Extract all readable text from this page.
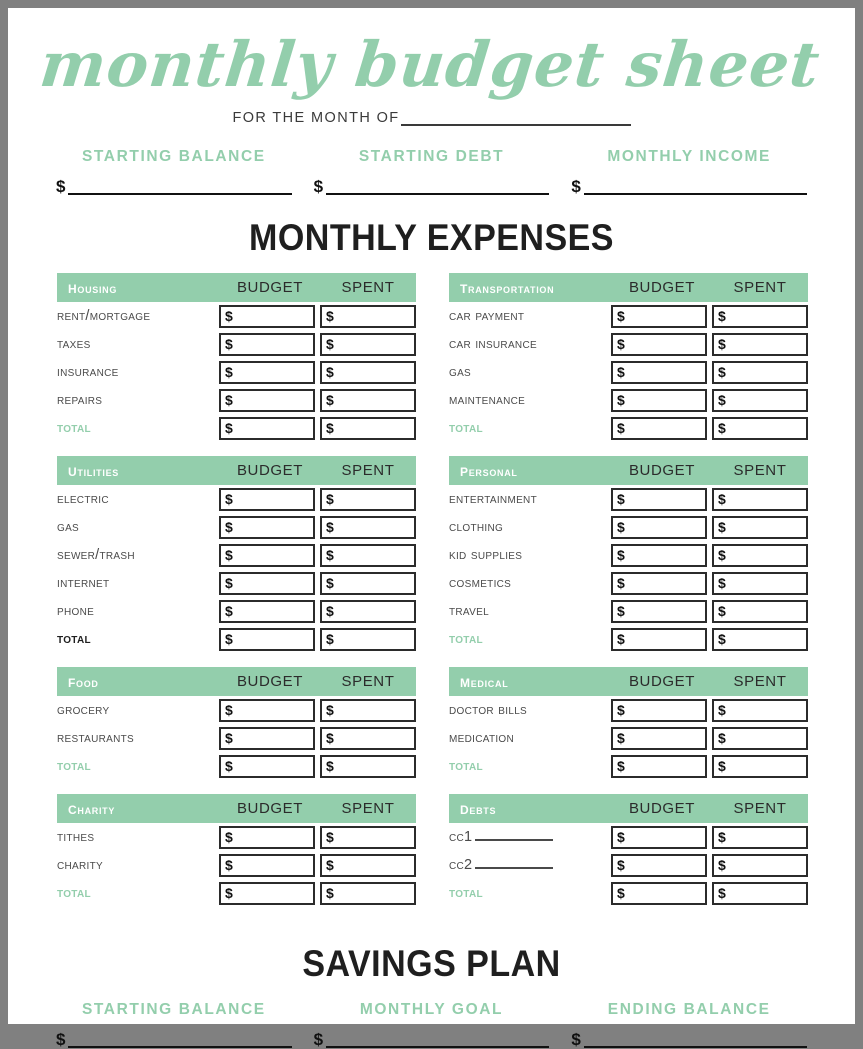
monthly budget sheet
FOR THE MONTH OF
STARTING BALANCE
$
STARTING DEBT
$
MONTHLY INCOME
$
MONTHLY EXPENSES
housing	BUDGET	SPENT
rent/mortgage	$	$
taxes	$	$
insurance	$	$
repairs	$	$
total	$	$
utilities	BUDGET	SPENT
electric	$	$
gas	$	$
sewer/trash	$	$
internet	$	$
phone	$	$
total	$	$
food	BUDGET	SPENT
grocery	$	$
restaurants	$	$
total	$	$
charity	BUDGET	SPENT
tithes	$	$
charity	$	$
total	$	$
transportation	BUDGET	SPENT
car payment	$	$
car insurance	$	$
gas	$	$
maintenance	$	$
total	$	$
personal	BUDGET	SPENT
entertainment	$	$
clothing	$	$
kid supplies	$	$
cosmetics	$	$
travel	$	$
total	$	$
medical	BUDGET	SPENT
doctor bills	$	$
medication	$	$
total	$	$
debts	BUDGET	SPENT
cc1	$	$
cc2	$	$
total	$	$
SAVINGS PLAN
STARTING BALANCE
$
MONTHLY GOAL
$
ENDING BALANCE
$
